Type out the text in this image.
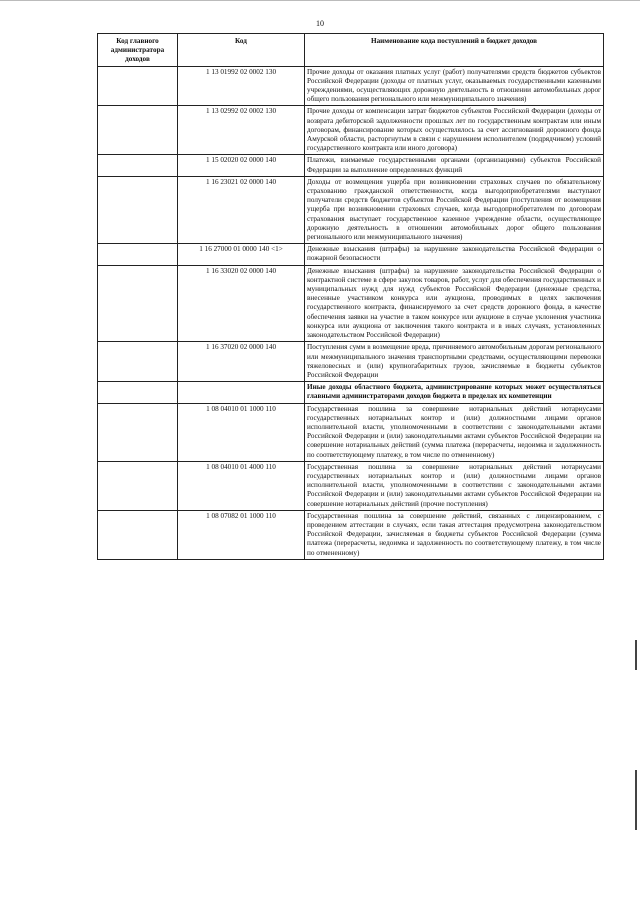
10
Код главного администратора доходов	Код	Наименование кода поступлений в бюджет доходов
	1 13 01992 02 0002 130	Прочие доходы от оказания платных услуг (работ) получателями средств бюджетов субъектов Российской Федерации (доходы от платных услуг, оказываемых государственными казенными учреждениями, осуществляющих дорожную деятельность в отношении автомобильных дорог общего пользования регионального или межмуниципального значения)
	1 13 02992 02 0002 130	Прочие доходы от компенсации затрат бюджетов субъектов Российской Федерации (доходы от возврата дебиторской задолженности прошлых лет по государственным контрактам или иным договорам, финансирование которых осуществлялось за счет ассигнований дорожного фонда Амурской области, расторгнутым в связи с нарушением исполнителем (подрядчиком) условий государственного контракта или иного договора)
	1 15 02020 02 0000 140	Платежи, взимаемые государственными органами (организациями) субъектов Российской Федерации за выполнение определенных функций
	1 16 23021 02 0000 140	Доходы от возмещения ущерба при возникновении страховых случаев по обязательному страхованию гражданской ответственности, когда выгодоприобретателями выступают получатели средств бюджетов субъектов Российской Федерации (поступления от возмещения ущерба при возникновении страховых случаев, когда выгодоприобретателем по договорам страхования выступает государственное казенное учреждение области, осуществляющее дорожную деятельность в отношении автомобильных дорог общего пользования регионального или межмуниципального значения)
	1 16 27000 01 0000 140 <1>	Денежные взыскания (штрафы) за нарушение законодательства Российской Федерации о пожарной безопасности
	1 16 33020 02 0000 140	Денежные взыскания (штрафы) за нарушение законодательства Российской Федерации о контрактной системе в сфере закупок товаров, работ, услуг для обеспечения государственных и муниципальных нужд для нужд субъектов Российской Федерации (денежные средства, внесенные участником конкурса или аукциона, проводимых в целях заключения государственного контракта, финансируемого за счет средств дорожного фонда, в качестве обеспечения заявки на участие в таком конкурсе или аукционе в случае уклонения участника конкурса или аукциона от заключения такого контракта и в иных случаях, установленных законодательством Российской Федерации)
	1 16 37020 02 0000 140	Поступления сумм в возмещение вреда, причиняемого автомобильным дорогам регионального или межмуниципального значения транспортными средствами, осуществляющими перевозки тяжеловесных и (или) крупногабаритных грузов, зачисляемые в бюджеты субъектов Российской Федерации
		Иные доходы областного бюджета, администрирование которых может осуществляться главными администраторами доходов бюджета в пределах их компетенции
	1 08 04010 01 1000 110	Государственная пошлина за совершение нотариальных действий нотариусами государственных нотариальных контор и (или) должностными лицами органов исполнительной власти, уполномоченными в соответствии с законодательными актами Российской Федерации и (или) законодательными актами субъектов Российской Федерации на совершение нотариальных действий (сумма платежа (перерасчеты, недоимка и задолженность по соответствующему платежу, в том числе по отмененному)
	1 08 04010 01 4000 110	Государственная пошлина за совершение нотариальных действий нотариусами государственных нотариальных контор и (или) должностными лицами органов исполнительной власти, уполномоченными в соответствии с законодательными актами Российской Федерации и (или) законодательными актами субъектов Российской Федерации на совершение нотариальных действий (прочие поступления)
	1 08 07082 01 1000 110	Государственная пошлина за совершение действий, связанных с лицензированием, с проведением аттестации в случаях, если такая аттестация предусмотрена законодательством Российской Федерации, зачисляемая в бюджеты субъектов Российской Федерации (сумма платежа (перерасчеты, недоимка и задолженность по соответствующему платежу, в том числе по отмененному)
